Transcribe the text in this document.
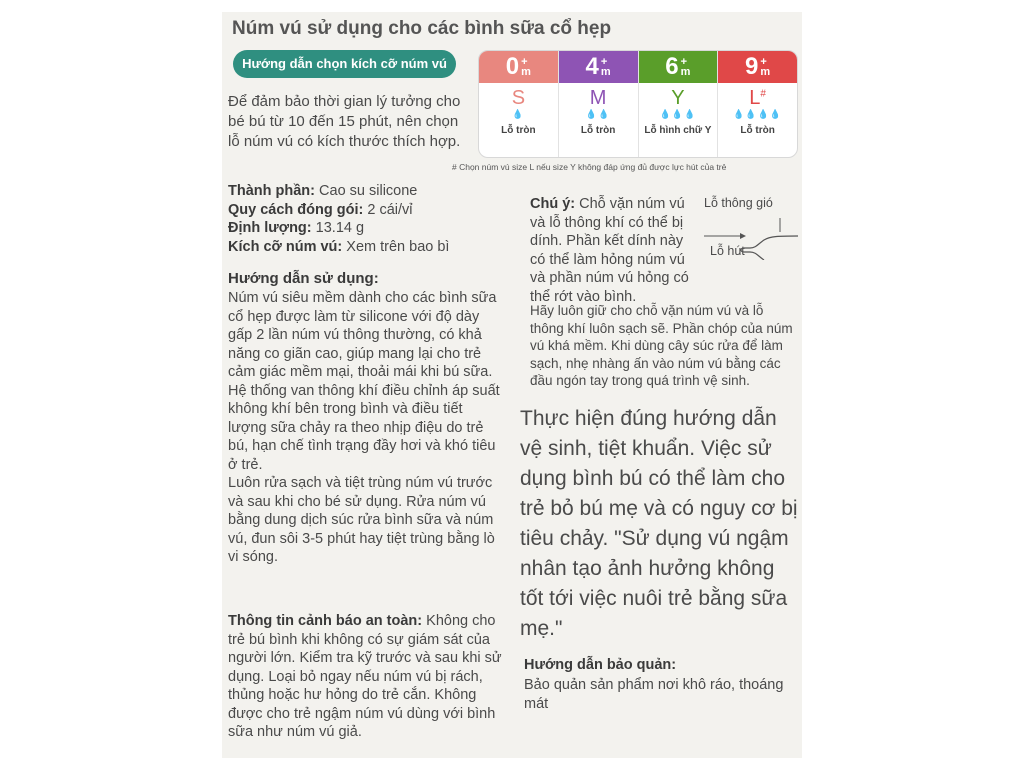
Núm vú sử dụng cho các bình sữa cổ hẹp
Hướng dẫn chọn kích cỡ núm vú
Để đảm bảo thời gian lý tưởng cho bé bú từ 10 đến 15 phút, nên chọn lỗ núm vú có kích thước thích hợp.
0 +
m
S
💧
Lỗ tròn
4 +
m
M
💧💧
Lỗ tròn
6 +
m
Y
💧💧💧
Lỗ hình chữ Y
9 +
m
L#
💧💧💧💧
Lỗ tròn
# Chọn núm vú size L nếu size Y không đáp ứng đủ được lực hút của trẻ
Thành phần: Cao su silicone
Quy cách đóng gói: 2 cái/vỉ
Định lượng: 13.14 g
Kích cỡ núm vú: Xem trên bao bì
Hướng dẫn sử dụng:

Núm vú siêu mềm dành cho các bình sữa cổ hẹp được làm từ silicone với độ dày gấp 2 lần núm vú thông thường, có khả năng co giãn cao, giúp mang lại cho trẻ cảm giác mềm mại, thoải mái khi bú sữa.

Hệ thống van thông khí điều chỉnh áp suất không khí bên trong bình và điều tiết lượng sữa chảy ra theo nhịp điệu do trẻ bú, hạn chế tình trạng đầy hơi và khó tiêu ở trẻ.

Luôn rửa sạch và tiệt trùng núm vú trước và sau khi cho bé sử dụng. Rửa núm vú bằng dung dịch súc rửa bình sữa và núm vú, đun sôi 3-5 phút hay tiệt trùng bằng lò vi sóng.

Thông tin cảnh báo an toàn: Không cho trẻ bú bình khi không có sự giám sát của người lớn. Kiểm tra kỹ trước và sau khi sử dụng. Loại bỏ ngay nếu núm vú bị rách, thủng hoặc hư hỏng do trẻ cắn. Không được cho trẻ ngậm núm vú dùng với bình sữa như núm vú giả.
Chú ý: Chỗ vặn núm vú và lỗ thông khí có thể bị dính. Phần kết dính này có thể làm hỏng núm vú và phần núm vú hỏng có thể rớt vào bình.
Lỗ thông gió
Lỗ hút
Hãy luôn giữ cho chỗ vặn núm vú và lỗ thông khí luôn sạch sẽ. Phần chóp của núm vú khá mềm. Khi dùng cây súc rửa để làm sạch, nhẹ nhàng ấn vào núm vú bằng các đầu ngón tay trong quá trình vệ sinh.
Thực hiện đúng hướng dẫn vệ sinh, tiệt khuẩn. Việc sử dụng bình bú có thể làm cho trẻ bỏ bú mẹ và có nguy cơ bị tiêu chảy. "Sử dụng vú ngậm nhân tạo ảnh hưởng không tốt tới việc nuôi trẻ bằng sữa mẹ."
Hướng dẫn bảo quản:
Bảo quản sản phẩm nơi khô ráo, thoáng mát
